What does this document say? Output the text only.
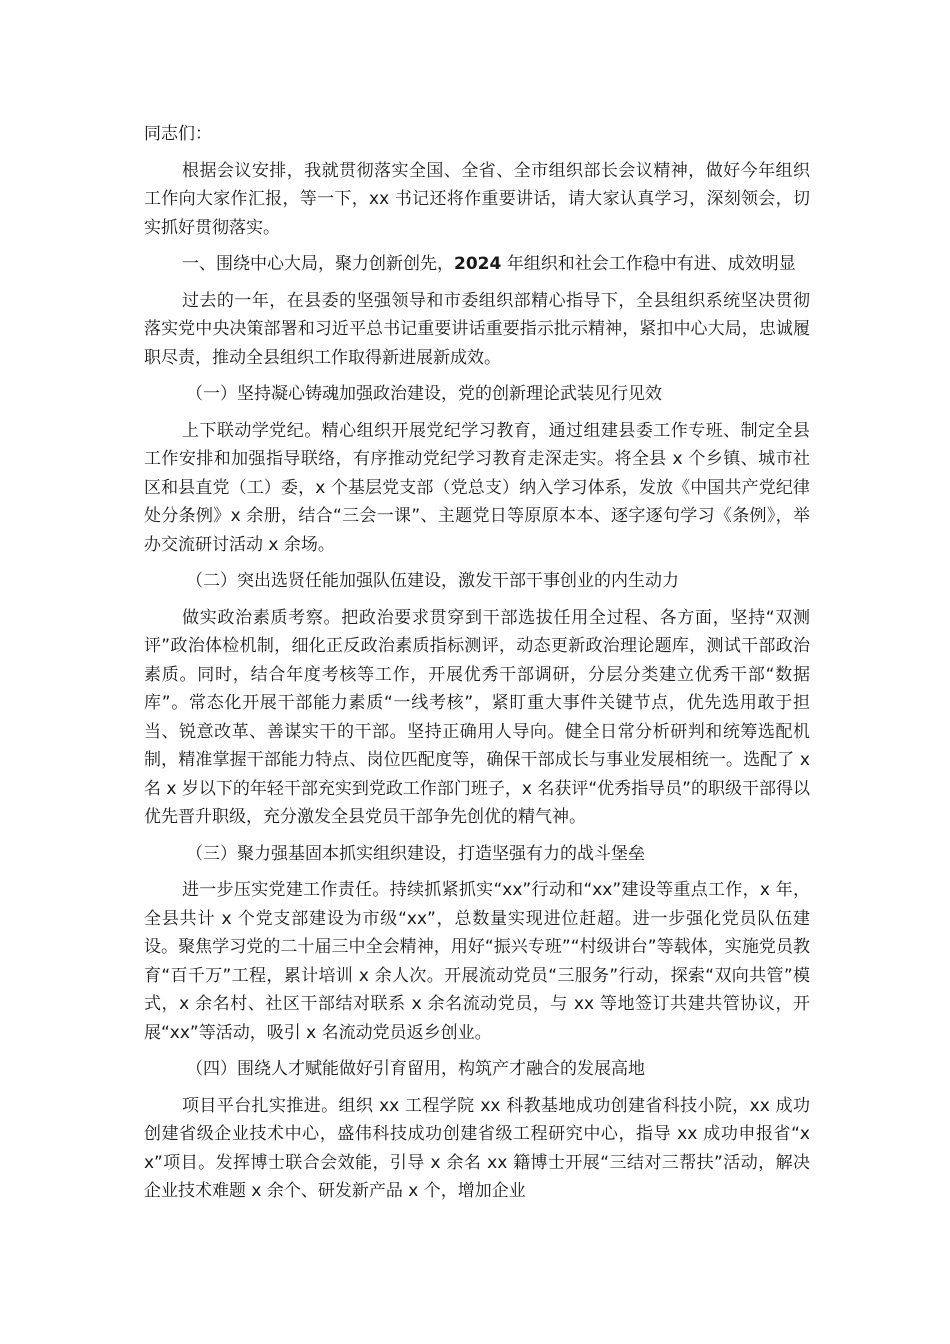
同志们：

根据会议安排，我就贯彻落实全国、全省、全市组织部长会议精神，做好今年组织工作向大家作汇报，等一下，xx 书记还将作重要讲话，请大家认真学习，深刻领会，切实抓好贯彻落实。

一、围绕中心大局，聚力创新创先，2024 年组织和社会工作稳中有进、成效明显

过去的一年，在县委的坚强领导和市委组织部精心指导下，全县组织系统坚决贯彻落实党中央决策部署和习近平总书记重要讲话重要指示批示精神，紧扣中心大局，忠诚履职尽责，推动全县组织工作取得新进展新成效。

（一）坚持凝心铸魂加强政治建设，党的创新理论武装见行见效

上下联动学党纪。精心组织开展党纪学习教育，通过组建县委工作专班、制定全县工作安排和加强指导联络，有序推动党纪学习教育走深走实。将全县 x 个乡镇、城市社区和县直党（工）委，x 个基层党支部（党总支）纳入学习体系，发放《中国共产党纪律处分条例》x 余册，结合“三会一课”、主题党日等原原本本、逐字逐句学习《条例》，举办交流研讨活动 x 余场。

（二）突出选贤任能加强队伍建设，激发干部干事创业的内生动力

做实政治素质考察。把政治要求贯穿到干部选拔任用全过程、各方面，坚持“双测评”政治体检机制，细化正反政治素质指标测评，动态更新政治理论题库，测试干部政治素质。同时，结合年度考核等工作，开展优秀干部调研，分层分类建立优秀干部“数据库”。常态化开展干部能力素质“一线考核”，紧盯重大事件关键节点，优先选用敢于担当、锐意改革、善谋实干的干部。坚持正确用人导向。健全日常分析研判和统筹选配机制，精准掌握干部能力特点、岗位匹配度等，确保干部成长与事业发展相统一。选配了 x 名 x 岁以下的年轻干部充实到党政工作部门班子，x 名获评“优秀指导员”的职级干部得以优先晋升职级，充分激发全县党员干部争先创优的精气神。

（三）聚力强基固本抓实组织建设，打造坚强有力的战斗堡垒

进一步压实党建工作责任。持续抓紧抓实“xx”行动和“xx”建设等重点工作，x 年，全县共计 x 个党支部建设为市级“xx”，总数量实现进位赶超。进一步强化党员队伍建设。聚焦学习党的二十届三中全会精神，用好“振兴专班”“村级讲台”等载体，实施党员教育“百千万”工程，累计培训 x 余人次。开展流动党员“三服务”行动，探索“双向共管”模式，x 余名村、社区干部结对联系 x 余名流动党员，与 xx 等地签订共建共管协议，开展“xx”等活动，吸引 x 名流动党员返乡创业。

（四）围绕人才赋能做好引育留用，构筑产才融合的发展高地

项目平台扎实推进。组织 xx 工程学院 xx 科教基地成功创建省科技小院，xx 成功创建省级企业技术中心，盛伟科技成功创建省级工程研究中心，指导 xx 成功申报省“xx”项目。发挥博士联合会效能，引导 x 余名 xx 籍博士开展“三结对三帮扶”活动，解决企业技术难题 x 余个、研发新产品 x 个，增加企业
